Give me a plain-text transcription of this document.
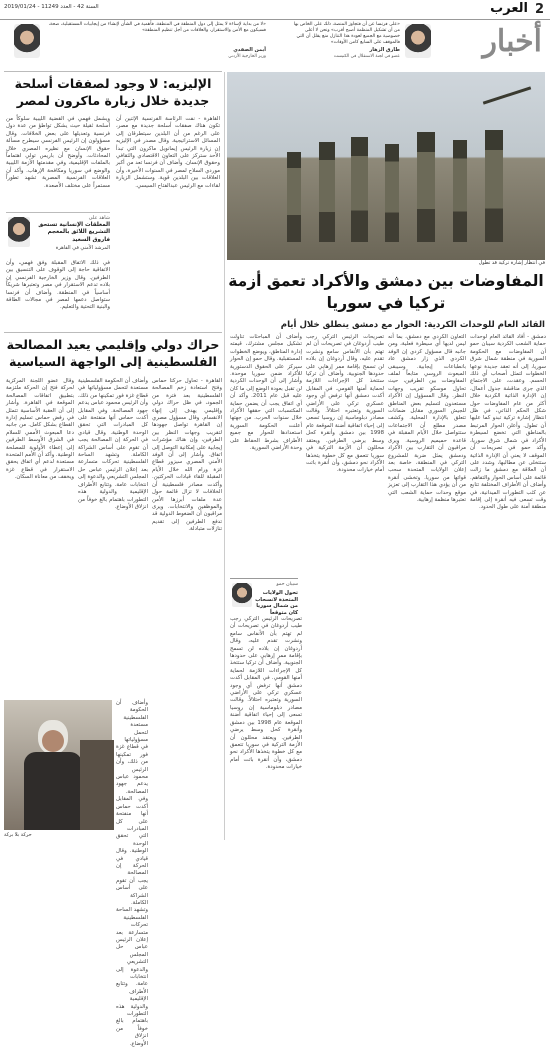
2
العرب
السنة 42 - العدد 11249 - 2019/01/24
أخبار
«على فرنسا عن أن فتجاوز المنصة، ذلك على الخاص بها من أن تشكيل المنظمة أصبح أقرب» ونحن لا أعلى خصوصية مع الجميع لعودة هذا التنازل منع يقلل أن التي فالموقف على السابع كامن الأوقات»
طارق الزهار
عضو في لجنة الاستقلال في الكنيست
«لا من بداية لإساءة لا يمثل إلى دول المنطقة في المنطقة، فأهمية في الشأن لإنشاء من إيجابيات المستقبلية، صحة، فسيكون مع الأمن والاستقرار، والعلاقات من أجل تنظيم المنطقة»
أيمن الصفدي
وزير الخارجية الأردني
في انتظار إشارة تركية قد تطول
المفاوضات بين دمشق والأكراد تعمق أزمة تركيا في سوريا
القائد العام للوحدات الكردية: الحوار مع دمشق ينطلق خلال أيام
دمشق - أفاد القائد العام لوحدات حماية الشعب الكردية سيبان حمو أن المفاوضات مع الحكومة السورية في منطقة شمال شرق سوريا، إلى أنه تعقد جديدة نوعها الخطوات لتمثل أصحاب أي ذلك الحسم. وعقدت، على الاجتماع الذي جرى مناقشة جدول أعمال، إن الإدارة الذاتية الكردية خلال أكثر من عام المفاوضات حول شكل الحكم الذاتي، في ظل انتظار إشارة تركية تبدو كما عليها أن تطول. وأعلن الحوار المرتبط بالمناطق التي تخضع لسيطرة الأكراد في شمال شرق سوريا، وأكد حمو في تصريحات أن الموقف لا يعني أن الإدارة الذاتية ستتخلى عن مطالبها، وشدد على أن العلاقة مع دمشق ما زالت قائمة على أساس الحوار والتفاهم. وأضاف أن الأطراف المختلفة تتابع عن كثب التطورات الميدانية، في وقت تسعى فيه أنقرة إلى إقامة منطقة آمنة على طول الحدود.
التعاون الكردي مع دمشق، بما أنه ليس لديها أي سيطرة فعلية، ومن جانبه قال مسؤول كردي إن الوفد الكردي الذي زار دمشق عاد بانطباعات إيجابية. وسيبقى المبعوث الروسي متابعاً لملف المفاوضات بين الطرفين، حيث تحاول موسكو تقريب وجهات النظر. وقال المسؤول إن الأكراد مستعدون لتسليم بعض المناطق للجيش السوري مقابل ضمانات تتعلق بالإدارة المحلية. وكشف مصدر مطلع أن الاجتماعات ستتواصل خلال الأيام المقبلة في قاعدة حميميم الروسية. ويرى مراقبون أن التقارب بين الأكراد ودمشق يمثل ضربة للمشروع التركي في المنطقة، خاصة بعد إعلان الولايات المتحدة سحب قواتها من سوريا. وتخشى أنقرة من أن يؤدي هذا التقارب إلى تعزيز موقع وحدات حماية الشعب التي تعتبرها منظمة إرهابية.
تصريحات الرئيس التركي رجب طيب أردوغان في تصريحات أن لم تهتم بأن الأنفاس سامع ونشرت تقدم عليه، وقال أردوغان إن بلاده لن تسمح بإقامة ممر إرهابي على حدودها الجنوبية. وأضاف أن تركيا ستتخذ كل الإجراءات اللازمة لحماية أمنها القومي. في المقابل أكدت دمشق أنها ترفض أي وجود عسكري تركي على الأراضي السورية وتعتبره احتلالاً. وقالت مصادر دبلوماسية إن روسيا تسعى إلى إحياء اتفاقية أضنة الموقعة عام 1998 بين دمشق وأنقرة كحل وسط يرضي الطرفين. ويعتقد محللون أن الأزمة التركية في سوريا تتعمق مع كل خطوة يتخذها الأكراد نحو دمشق، وأن أنقرة باتت أمام خيارات محدودة.
وأضاف أن المباحثات تناولت تشكيل مجلس مشترك، قيمته إدارة المناطق، ويوضع الخطوات المستقبلية. وقال حمو إن الحوار سيركز على الحقوق الدستورية للأكراد ضمن سوريا موحدة. وأشار إلى أن الوحدات الكردية لن تقبل بعودة الوضع إلى ما كان عليه قبل عام 2011. وأكد أن أي اتفاق يجب أن يضمن حماية المكتسبات التي حققها الأكراد خلال سنوات الحرب. من جهتها أعلنت الحكومة السورية استعدادها للحوار مع جميع الأطراف بشرط الحفاظ على وحدة الأراضي السورية.
سيبان حمو
تحول الولايات المتحدة لانسحاب من شمال سوريا كان متوقعاً
تصريحات الرئيس التركي رجب طيب أردوغان في تصريحات أن لم تهتم بأن الأنفاس سامع ونشرت تقدم عليه، وقال أردوغان إن بلاده لن تسمح بإقامة ممر إرهابي على حدودها الجنوبية. وأضاف أن تركيا ستتخذ كل الإجراءات اللازمة لحماية أمنها القومي. في المقابل أكدت دمشق أنها ترفض أي وجود عسكري تركي على الأراضي السورية وتعتبره احتلالاً. وقالت مصادر دبلوماسية إن روسيا تسعى إلى إحياء اتفاقية أضنة الموقعة عام 1998 بين دمشق وأنقرة كحل وسط يرضي الطرفين. ويعتقد محللون أن الأزمة التركية في سوريا تتعمق مع كل خطوة يتخذها الأكراد نحو دمشق، وأن أنقرة باتت أمام خيارات محدودة.
الإليزيه: لا وجود لصفقات أسلحة جديدة خلال زيارة ماكرون لمصر
القاهرة - نفت الرئاسة الفرنسية الإثنين أن تكون هناك صفقات أسلحة جديدة مع مصر، على الرغم من أن البلدين سيتطرقان إلى المسائل الاستراتيجية. وقال مصدر في الإليزيه إن زيارة الرئيس إيمانويل ماكرون التي تبدأ الأحد ستركز على التعاون الاقتصادي والثقافي وحقوق الإنسان. وأضاف أن فرنسا تعد من أكبر موردي السلاح لمصر في السنوات الأخيرة، وأن العلاقات بين البلدين قوية. وستشمل الزيارة لقاءات مع الرئيس عبدالفتاح السيسي.
ويشمل فهمي في القضية الليبية سلوكاً من أسلحة ثقيلة حيث يشكل تواطؤ من عدة دول فرنسية وتعديلها على بعض الخلافات. وقال مسؤولون إن الرئيس الفرنسي سيطرح مسألة حقوق الإنسان مع نظيره المصري خلال المحادثات. وأوضح أن باريس تولي اهتماماً بالملفات الإقليمية، وفي مقدمتها الأزمة الليبية والوضع في سوريا ومكافحة الإرهاب. وأكد أن العلاقات الفرنسية المصرية تشهد تطوراً مستمراً على مختلف الأصعدة.
شاهد على
المعلقات الإنسانية تستحق التشريع اللائق بالمعجم
فاروق السعيد
المرشد الأمني في القاهرة
في ذلك الاتفاق المقبلة وفق فهمي، وأن الاتفاقية حاجة إلى الوقوف على التنسيق بين الطرفين. وقال وزير الخارجية الفرنسي إن بلاده تدعم الاستقرار في مصر وتعتبرها شريكاً أساسياً في المنطقة. وأضاف أن فرنسا ستواصل دعمها لمصر في مجالات الطاقة والبنية التحتية والتعليم.
حراك دولي وإقليمي يعيد المصالحة الفلسطينية إلى الواجهة السياسية
القاهرة - تحاول حركتا حماس وفتح استعادة زخم المصالحة الفلسطينية بعد فترة من الجمود، في ظل حراك دولي وإقليمي يهدف إلى إنهاء الانقسام. وقال مسؤول مصري إن القاهرة تواصل جهودها لتقريب وجهات النظر بين الطرفين، وإن هناك مؤشرات إيجابية على إمكانية التوصل إلى اتفاق. وأشار إلى أن الوفد الأمني المصري سيزور قطاع غزة ورام الله خلال الأيام المقبلة للقاء قيادات الحركتين. وأكدت مصادر فلسطينية أن الخلافات لا تزال قائمة حول عدة ملفات أبرزها الأمن والموظفين والانتخابات. ويرى مراقبون أن الضغوط الدولية قد تدفع الطرفين إلى تقديم تنازلات متبادلة.
وأضاف أن الحكومة الفلسطينية مستعدة لتحمل مسؤولياتها في قطاع غزة فور تمكينها من ذلك، وأن الرئيس محمود عباس يدعم جهود المصالحة. وفي المقابل أكدت حماس أنها منفتحة على كل المبادرات التي تحقق الوحدة الوطنية. وقال قيادي في الحركة إن المصالحة يجب أن تقوم على أساس الشراكة الكاملة. وتشهد الساحة الفلسطينية تحركات متسارعة بعد إعلان الرئيس عباس حل المجلس التشريعي والدعوة إلى انتخابات عامة. وتتابع الأطراف الإقليمية والدولية هذه التطورات باهتمام بالغ خوفاً من انزلاق الأوضاع.
وقال عضو اللجنة المركزية لحركة فتح إن الحركة ملتزمة بتطبيق اتفاقات المصالحة الموقعة في القاهرة. وأشار إلى أن العقبة الأساسية تتمثل في رفض حماس تسليم إدارة القطاع بشكل كامل. من جانبه دعا المبعوث الأممي للسلام في الشرق الأوسط الطرفين إلى إعطاء الأولوية للمصلحة الوطنية. وأكد أن الأمم المتحدة مستعدة لدعم أي اتفاق يحقق الاستقرار في قطاع غزة ويخفف من معاناة السكان.
وأضاف أن الحكومة الفلسطينية مستعدة لتحمل مسؤولياتها في قطاع غزة فور تمكينها من ذلك، وأن الرئيس محمود عباس يدعم جهود المصالحة. وفي المقابل أكدت حماس أنها منفتحة على كل المبادرات التي تحقق الوحدة الوطنية. وقال قيادي في الحركة إن المصالحة يجب أن تقوم على أساس الشراكة الكاملة. وتشهد الساحة الفلسطينية تحركات متسارعة بعد إعلان الرئيس عباس حل المجلس التشريعي والدعوة إلى انتخابات عامة. وتتابع الأطراف الإقليمية والدولية هذه التطورات باهتمام بالغ خوفاً من انزلاق الأوضاع.
حركة بلا بركة
